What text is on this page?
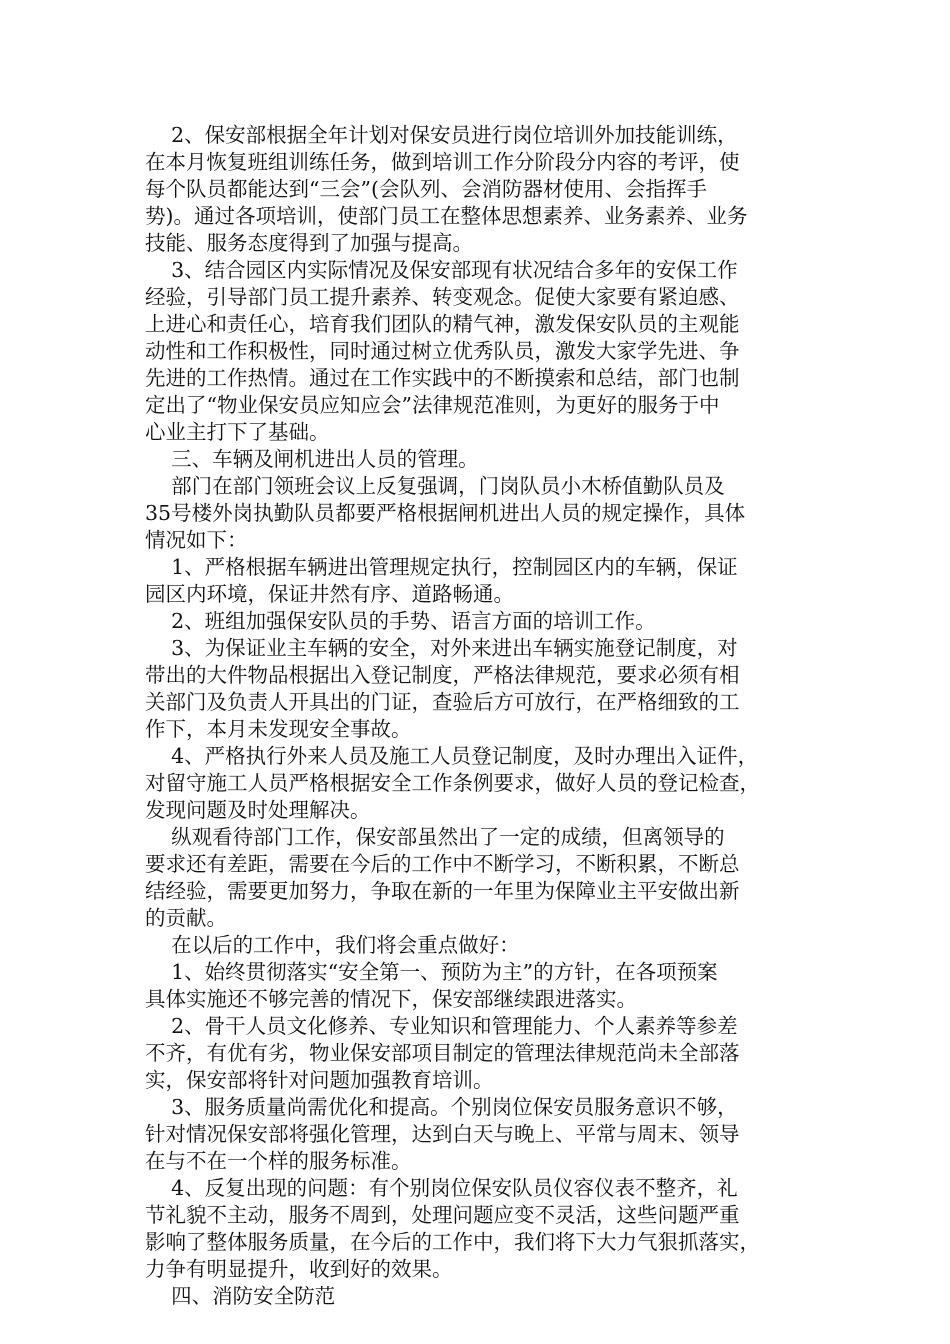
2、保安部根据全年计划对保安员进行岗位培训外加技能训练，
在本月恢复班组训练任务，做到培训工作分阶段分内容的考评，使
每个队员都能达到“三会”(会队列、会消防器材使用、会指挥手
势)。通过各项培训，使部门员工在整体思想素养、业务素养、业务
技能、服务态度得到了加强与提高。
3、结合园区内实际情况及保安部现有状况结合多年的安保工作
经验，引导部门员工提升素养、转变观念。促使大家要有紧迫感、
上进心和责任心，培育我们团队的精气神，激发保安队员的主观能
动性和工作积极性，同时通过树立优秀队员，激发大家学先进、争
先进的工作热情。通过在工作实践中的不断摸索和总结，部门也制
定出了“物业保安员应知应会”法律规范准则，为更好的服务于中
心业主打下了基础。
三、车辆及闸机进出人员的管理。
部门在部门领班会议上反复强调，门岗队员小木桥值勤队员及
35号楼外岗执勤队员都要严格根据闸机进出人员的规定操作，具体
情况如下：
1、严格根据车辆进出管理规定执行，控制园区内的车辆，保证
园区内环境，保证井然有序、道路畅通。
2、班组加强保安队员的手势、语言方面的培训工作。
3、为保证业主车辆的安全，对外来进出车辆实施登记制度，对
带出的大件物品根据出入登记制度，严格法律规范，要求必须有相
关部门及负责人开具出的门证，查验后方可放行，在严格细致的工
作下，本月未发现安全事故。
4、严格执行外来人员及施工人员登记制度，及时办理出入证件，
对留守施工人员严格根据安全工作条例要求，做好人员的登记检查，
发现问题及时处理解决。
纵观看待部门工作，保安部虽然出了一定的成绩，但离领导的
要求还有差距，需要在今后的工作中不断学习，不断积累，不断总
结经验，需要更加努力，争取在新的一年里为保障业主平安做出新
的贡献。
在以后的工作中，我们将会重点做好：
1、始终贯彻落实“安全第一、预防为主”的方针，在各项预案
具体实施还不够完善的情况下，保安部继续跟进落实。
2、骨干人员文化修养、专业知识和管理能力、个人素养等参差
不齐，有优有劣，物业保安部项目制定的管理法律规范尚未全部落
实，保安部将针对问题加强教育培训。
3、服务质量尚需优化和提高。个别岗位保安员服务意识不够，
针对情况保安部将强化管理，达到白天与晚上、平常与周末、领导
在与不在一个样的服务标准。
4、反复出现的问题：有个别岗位保安队员仪容仪表不整齐，礼
节礼貌不主动，服务不周到，处理问题应变不灵活，这些问题严重
影响了整体服务质量，在今后的工作中，我们将下大力气狠抓落实，
力争有明显提升，收到好的效果。
四、消防安全防范
